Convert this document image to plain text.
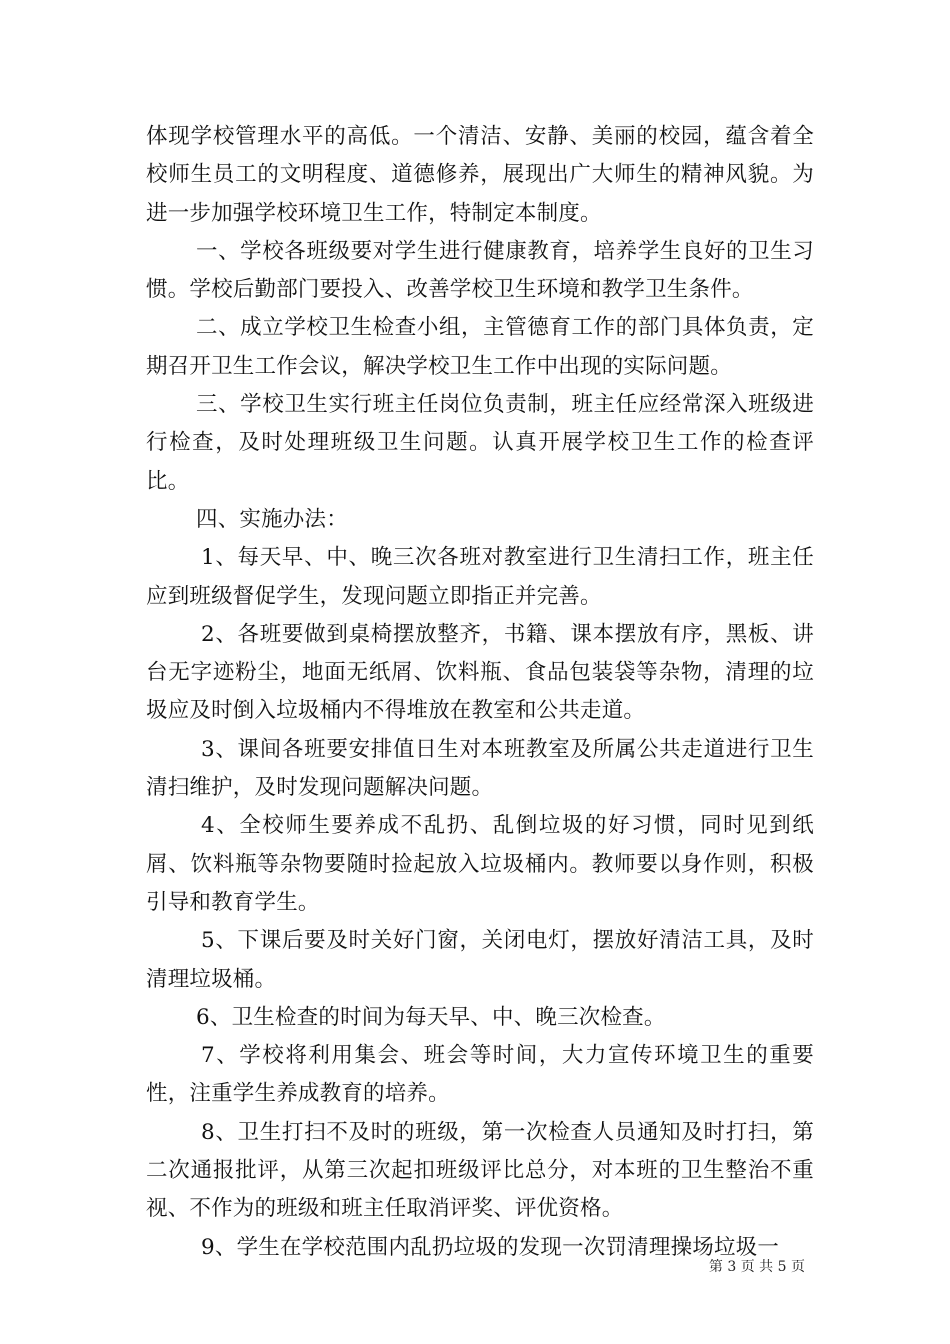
体现学校管理水平的高低。一个清洁、安静、美丽的校园，蕴含着全校师生员工的文明程度、道德修养，展现出广大师生的精神风貌。为进一步加强学校环境卫生工作，特制定本制度。

一、学校各班级要对学生进行健康教育，培养学生良好的卫生习惯。学校后勤部门要投入、改善学校卫生环境和教学卫生条件。

二、成立学校卫生检查小组，主管德育工作的部门具体负责，定期召开卫生工作会议，解决学校卫生工作中出现的实际问题。

三、学校卫生实行班主任岗位负责制，班主任应经常深入班级进行检查，及时处理班级卫生问题。认真开展学校卫生工作的检查评比。

四、实施办法：

1、每天早、中、晚三次各班对教室进行卫生清扫工作，班主任应到班级督促学生，发现问题立即指正并完善。

2、各班要做到桌椅摆放整齐，书籍、课本摆放有序，黑板、讲台无字迹粉尘，地面无纸屑、饮料瓶、食品包装袋等杂物，清理的垃圾应及时倒入垃圾桶内不得堆放在教室和公共走道。

3、课间各班要安排值日生对本班教室及所属公共走道进行卫生清扫维护，及时发现问题解决问题。

4、全校师生要养成不乱扔、乱倒垃圾的好习惯，同时见到纸屑、饮料瓶等杂物要随时捡起放入垃圾桶内。教师要以身作则，积极引导和教育学生。

5、下课后要及时关好门窗，关闭电灯，摆放好清洁工具，及时清理垃圾桶。

6、卫生检查的时间为每天早、中、晚三次检查。

7、学校将利用集会、班会等时间，大力宣传环境卫生的重要性，注重学生养成教育的培养。

8、卫生打扫不及时的班级，第一次检查人员通知及时打扫，第二次通报批评，从第三次起扣班级评比总分，对本班的卫生整治不重视、不作为的班级和班主任取消评奖、评优资格。

9、学生在学校范围内乱扔垃圾的发现一次罚清理操场垃圾一

第 3 页 共 5 页
